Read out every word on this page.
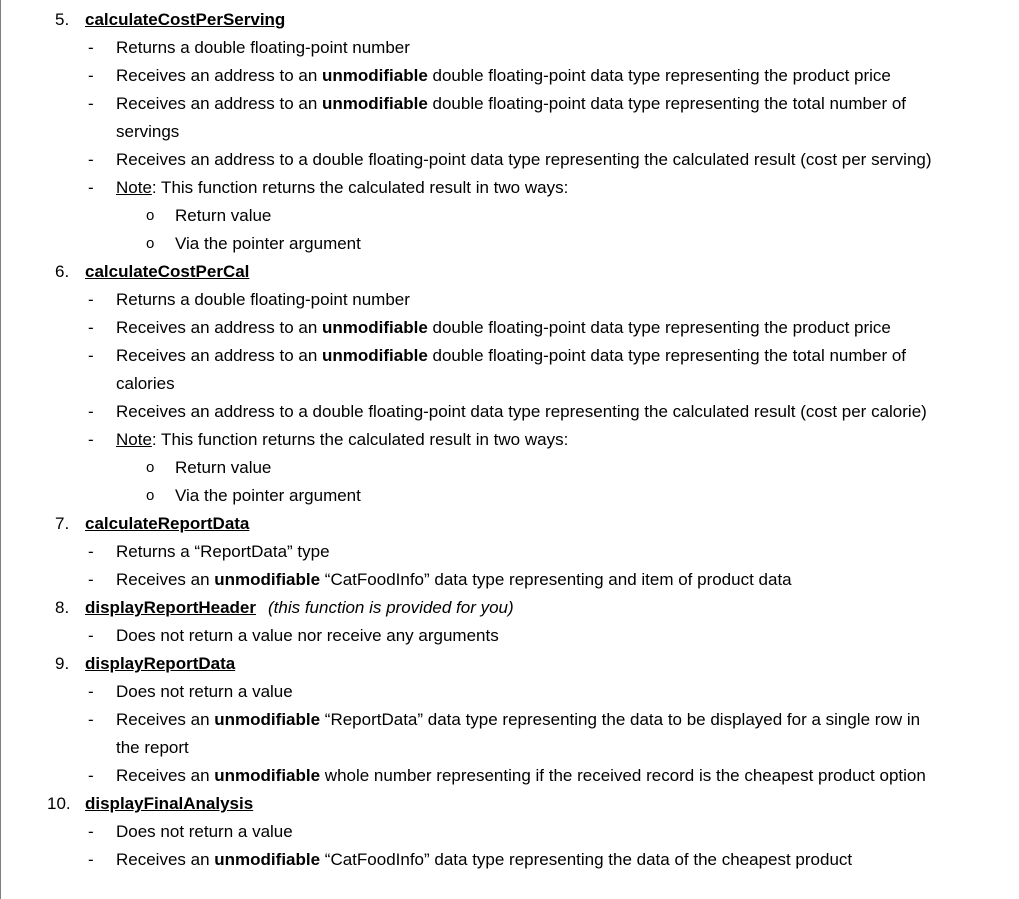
5. calculateCostPerServing
- Returns a double floating-point number
- Receives an address to an unmodifiable double floating-point data type representing the product price
- Receives an address to an unmodifiable double floating-point data type representing the total number of
servings
- Receives an address to a double floating-point data type representing the calculated result (cost per serving)
- Note: This function returns the calculated result in two ways:
o Return value
o Via the pointer argument
6. calculateCostPerCal
- Returns a double floating-point number
- Receives an address to an unmodifiable double floating-point data type representing the product price
- Receives an address to an unmodifiable double floating-point data type representing the total number of
calories
- Receives an address to a double floating-point data type representing the calculated result (cost per calorie)
- Note: This function returns the calculated result in two ways:
o Return value
o Via the pointer argument
7. calculateReportData
- Returns a “ReportData” type
- Receives an unmodifiable “CatFoodInfo” data type representing and item of product data
8. displayReportHeader (this function is provided for you)
- Does not return a value nor receive any arguments
9. displayReportData
- Does not return a value
- Receives an unmodifiable “ReportData” data type representing the data to be displayed for a single row in
the report
- Receives an unmodifiable whole number representing if the received record is the cheapest product option
10. displayFinalAnalysis
- Does not return a value
- Receives an unmodifiable “CatFoodInfo” data type representing the data of the cheapest product
